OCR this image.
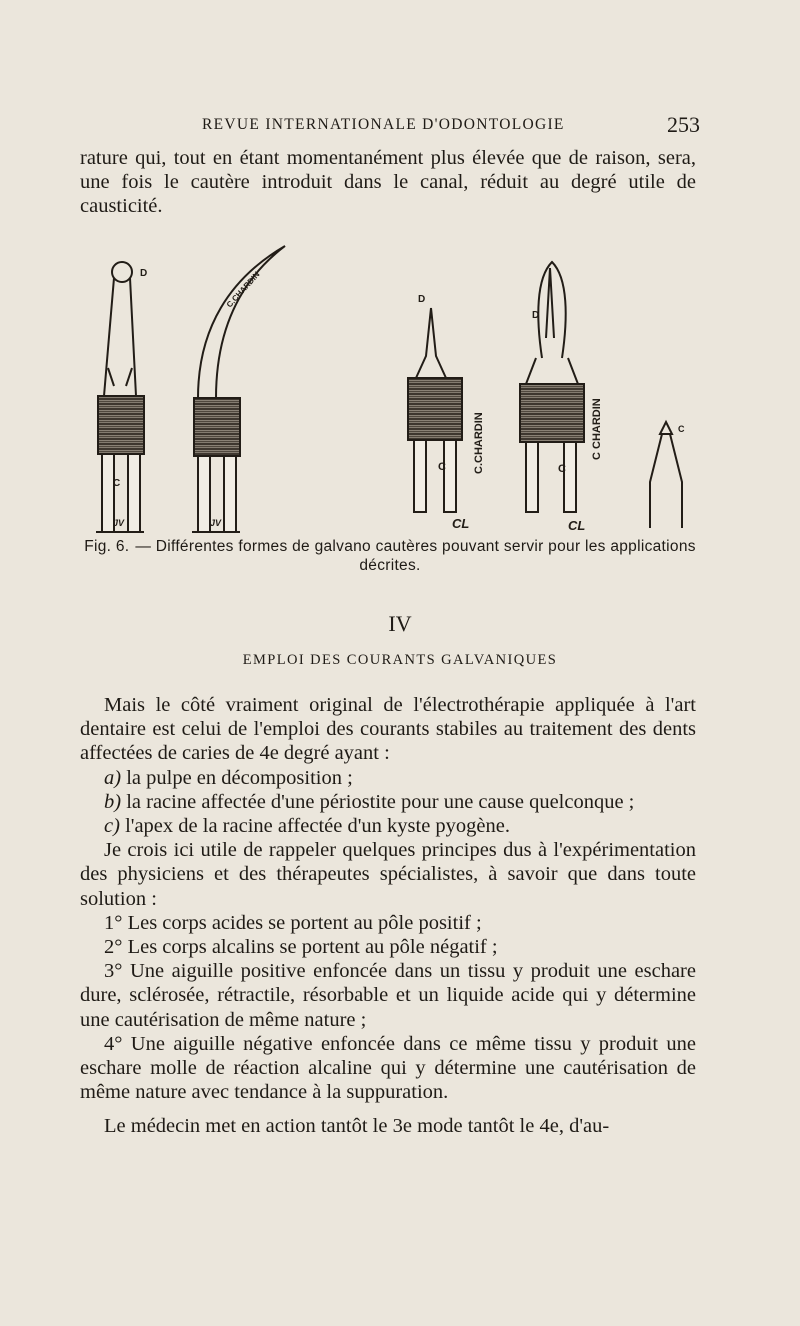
REVUE INTERNATIONALE D'ODONTOLOGIE	253

rature qui, tout en étant momentanément plus élevée que de raison, sera, une fois le cautère introduit dans le canal, réduit au degré utile de causticité.

D
C
JV	JV
C.CHARDIN	D
C C.CHARDIN
CL
D
C
C CHARDIN
CL
C
Fig. 6. — Différentes formes de galvano cautères pouvant servir pour les applications décrites.
IV
EMPLOI DES COURANTS GALVANIQUES

Mais le côté vraiment original de l'électrothérapie appliquée à l'art dentaire est celui de l'emploi des courants stabiles au traitement des dents affectées de caries de 4e degré ayant :

a) la pulpe en décomposition ;

b) la racine affectée d'une périostite pour une cause quelconque ;

c) l'apex de la racine affectée d'un kyste pyogène.

Je crois ici utile de rappeler quelques principes dus à l'expérimentation des physiciens et des thérapeutes spécialistes, à savoir que dans toute solution :

1° Les corps acides se portent au pôle positif ;

2° Les corps alcalins se portent au pôle négatif ;

3° Une aiguille positive enfoncée dans un tissu y produit une eschare dure, sclérosée, rétractile, résorbable et un liquide acide qui y détermine une cautérisation de même nature ;

4° Une aiguille négative enfoncée dans ce même tissu y produit une eschare molle de réaction alcaline qui y détermine une cautérisation de même nature avec tendance à la suppuration.

Le médecin met en action tantôt le 3e mode tantôt le 4e, d'au-
